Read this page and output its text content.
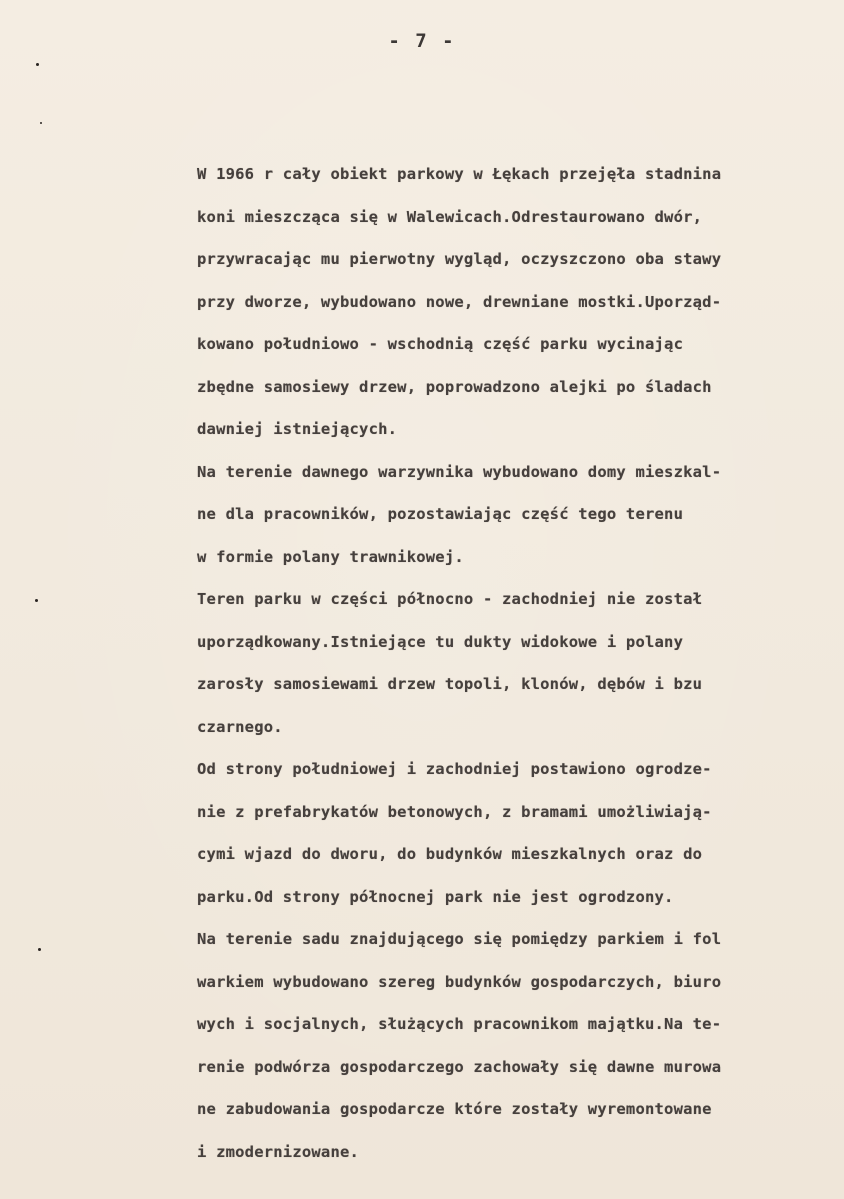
- 7 -
W 1966 r cały obiekt parkowy w Łękach przejęła stadnina
koni mieszcząca się w Walewicach.Odrestaurowano dwór,
przywracając mu pierwotny wygląd, oczyszczono oba stawy
przy dworze, wybudowano nowe, drewniane mostki.Uporząd-
kowano południowo - wschodnią część parku wycinając
zbędne samosiewy drzew, poprowadzono alejki po śladach
dawniej istniejących.
Na terenie dawnego warzywnika wybudowano domy mieszkal-
ne dla pracowników, pozostawiając część tego terenu
w formie polany trawnikowej.
Teren parku w części północno - zachodniej nie został
uporządkowany.Istniejące tu dukty widokowe i polany
zarosły samosiewami drzew topoli, klonów, dębów i bzu
czarnego.
Od strony południowej i zachodniej postawiono ogrodze-
nie z prefabrykatów betonowych, z bramami umożliwiają-
cymi wjazd do dworu, do budynków mieszkalnych oraz do
parku.Od strony północnej park nie jest ogrodzony.
Na terenie sadu znajdującego się pomiędzy parkiem i fol
warkiem wybudowano szereg budynków gospodarczych, biuro
wych i socjalnych, służących pracownikom majątku.Na te-
renie podwórza gospodarczego zachowały się dawne murowa
ne zabudowania gospodarcze które zostały wyremontowane
i zmodernizowane.
